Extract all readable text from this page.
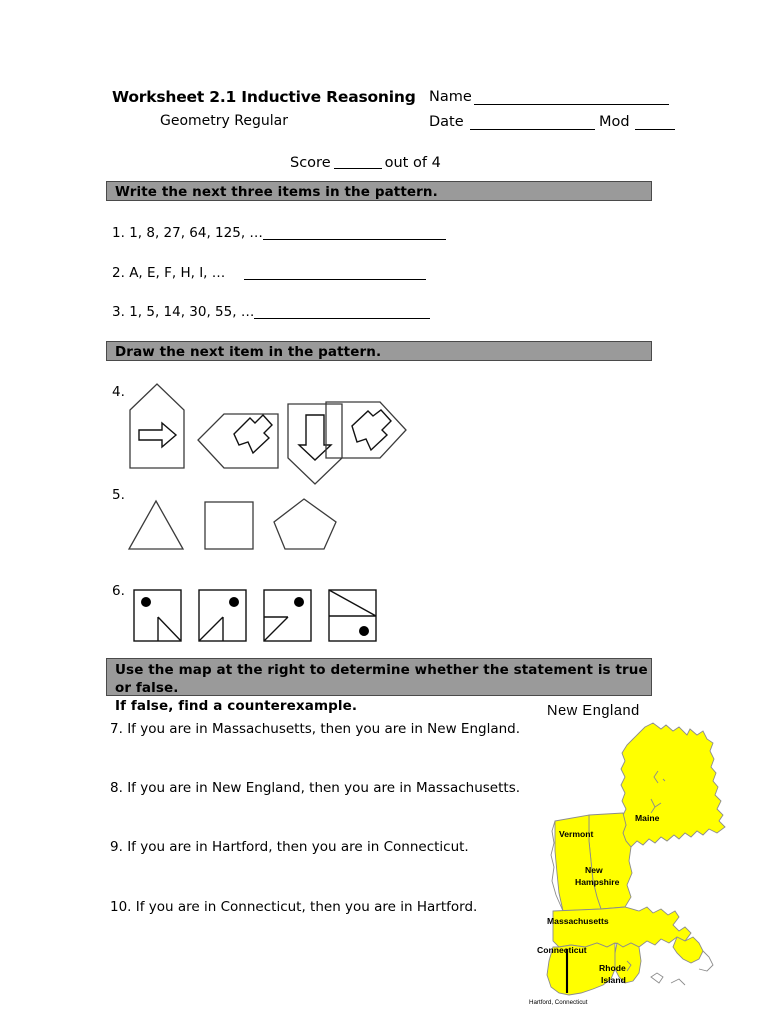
Worksheet 2.1 Inductive Reasoning Name
Geometry Regular	Date	Mod
Score	out of 4
Write the next three items in the pattern.
1. 1, 8, 27, 64, 125, …
2. A, E, F, H, I, …
3. 1, 5, 14, 30, 55, …
Draw the next item in the pattern.
4.
5.
6.
Use the map at the right to determine whether the statement is true or false.
If false, find a counterexample.
7. If you are in Massachusetts, then you are in New England.
8. If you are in New England, then you are in Massachusetts.
9. If you are in Hartford, then you are in Connecticut.
10. If you are in Connecticut, then you are in Hartford.
New England
Maine
Vermont
New
Hampshire
Massachusetts
Connecticut
Rhode
Island
Hartford, Connecticut
